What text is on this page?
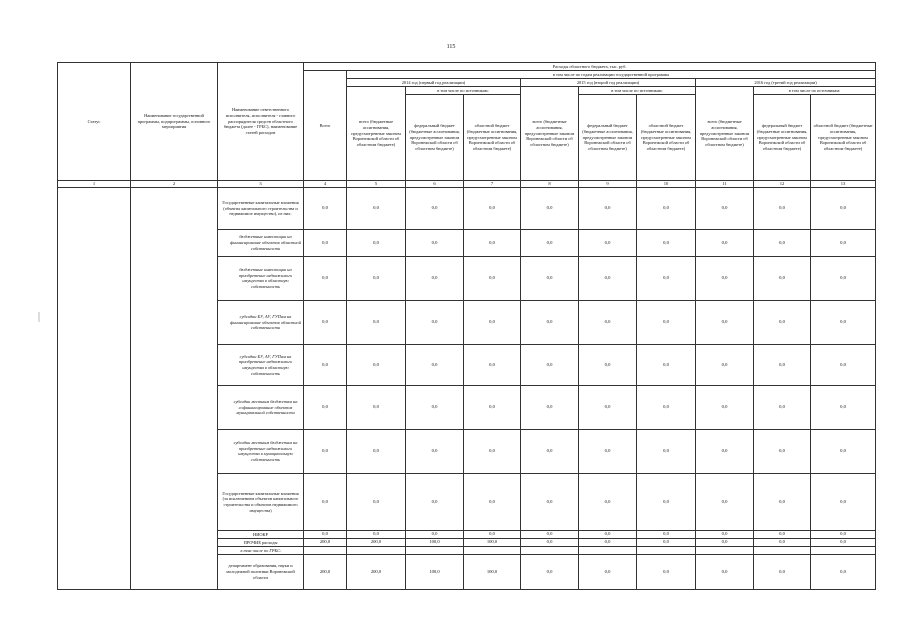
115
Статус	Наименование государственной программы, подпрограммы, основного мероприятия	Наименование ответственного исполнителя, исполнителя - главного распорядителя средств областного бюджета (далее - ГРБС), наименование статей расходов	Расходы областного бюджета, тыс. руб.									
			Всего	в том числе по годам реализации государственной программы								
				2014 год (первый год реализации)			2015 год (второй год реализации)			2016 год (третий год реализации)		
				всего (бюджетные ассигнования, предусмотренные законом Воронежской области об областном бюджете)	в том числе по источникам:		всего (бюджетные ассигнования, предусмотренные законом Воронежской области об областном бюджете)	в том числе по источникам:		всего (бюджетные ассигнования, предусмотренные законом Воронежской области об областном бюджете)	в том числе по источникам:	
					федеральный бюджет (бюджетные ассигнования, предусмотренные законом Воронежской области об областном бюджете)	областной бюджет (бюджетные ассигнования, предусмотренные законом Воронежской области об областном бюджете)		федеральный бюджет (бюджетные ассигнования, предусмотренные законом Воронежской области об областном бюджете)	областной бюджет (бюджетные ассигнования, предусмотренные законом Воронежской области об областном бюджете)		федеральный бюджет (бюджетные ассигнования, предусмотренные законом Воронежской области об областном бюджете)	областной бюджет (бюджетные ассигнования, предусмотренные законом Воронежской области об областном бюджете)
1	2	3	4	5	6	7	8	9	10	11	12	13
		Государственные капитальные вложения (объекты капитального строительства и недвижимое имущество), из них:	0,0	0,0	0,0	0,0	0,0	0,0	0,0	0,0	0,0	0,0
		бюджетные инвестиции на финансирование объектов областной собственности	0,0	0,0	0,0	0,0	0,0	0,0	0,0	0,0	0,0	0,0
		бюджетные инвестиции на приобретение недвижимого имущества в областную собственность	0,0	0,0	0,0	0,0	0,0	0,0	0,0	0,0	0,0	0,0
		субсидии БУ, АУ, ГУПам на финансирование объектов областной собственности	0,0	0,0	0,0	0,0	0,0	0,0	0,0	0,0	0,0	0,0
		субсидии БУ, АУ, ГУПам на приобретение недвижимого имущества в областную собственность	0,0	0,0	0,0	0,0	0,0	0,0	0,0	0,0	0,0	0,0
		субсидии местным бюджетам на софинансирование объектов муниципальной собственности	0,0	0,0	0,0	0,0	0,0	0,0	0,0	0,0	0,0	0,0
		субсидии местным бюджетам на приобретение недвижимого имущества в муниципальную собственность	0,0	0,0	0,0	0,0	0,0	0,0	0,0	0,0	0,0	0,0
		Государственные капитальные вложения (за исключением объектов капитального строительства и объектов недвижимого имущества)	0,0	0,0	0,0	0,0	0,0	0,0	0,0	0,0	0,0	0,0
		НИОКР	0,0	0,0	0,0	0,0	0,0	0,0	0,0	0,0	0,0	0,0
		ПРОЧИЕ расходы	200,0	200,0	100,0	100,0	0,0	0,0	0,0	0,0	0,0	0,0
		в том числе по ГРБС:										
		департамент образования, науки и молодежной политики Воронежской области	200,0	200,0	100,0	100,0	0,0	0,0	0,0	0,0	0,0	0,0
